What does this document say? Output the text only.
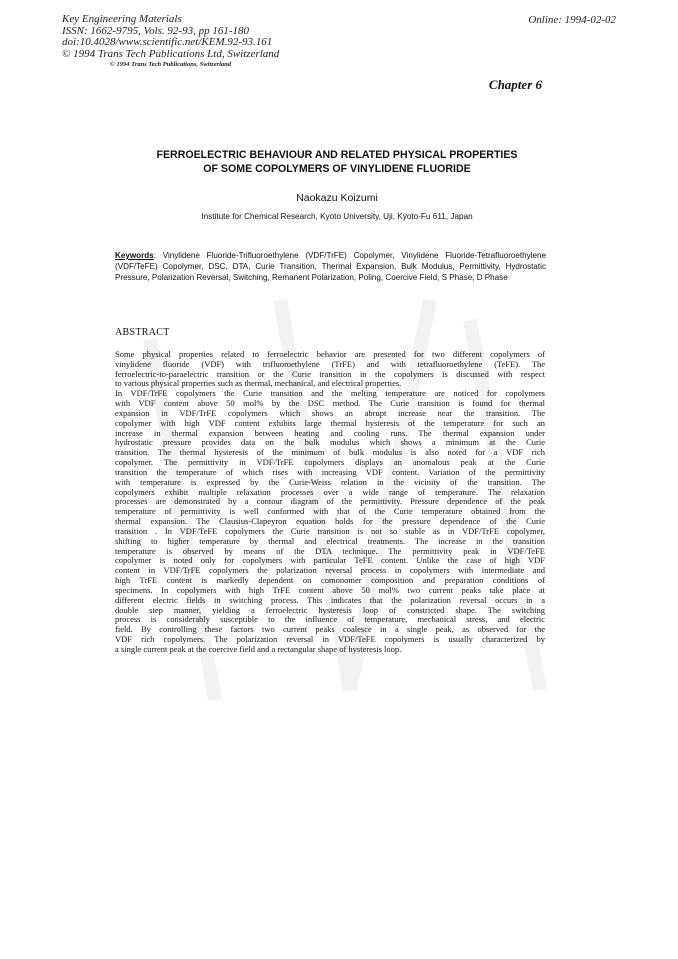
Key Engineering Materials
ISSN: 1662-9795, Vols. 92-93, pp 161-180
doi:10.4028/www.scientific.net/KEM.92-93.161
© 1994 Trans Tech Publications Ltd, Switzerland
© 1994 Trans Tech Publications, Switzerland
Online: 1994-02-02
Chapter 6
FERROELECTRIC BEHAVIOUR AND RELATED PHYSICAL PROPERTIES
OF SOME COPOLYMERS OF VINYLIDENE FLUORIDE
Naokazu Koizumi
Institute for Chemical Research, Kyoto University, Uji, Kyoto-Fu 611, Japan
Keywords: Vinylidene Fluoride-Trifluoroethylene (VDF/TrFE) Copolymer, Vinylidene Fluoride-Tetrafluoroethylene (VDF/TeFE) Copolymer, DSC, DTA, Curie Transition, Thermal Expansion, Bulk Modulus, Permittivity, Hydrostatic Pressure, Polarization Reversal, Switching, Remanent Polarization, Poling, Coercive Field, S Phase, D Phase
ABSTRACT
Some physical properties related to ferroelectric behavior are presented for two different copolymers of
vinylidene fluoride (VDF) with trifluoroethylene (TrFE) and with tetrafluoroethylene (TeFE). The
ferroelectric-to-paraelectric transition or the Curie transition in the copolymers is discussed with respect
to various physical properties such as thermal, mechanical, and electrical properties.
In VDF/TrFE copolymers the Curie transition and the melting temperature are noticed for copolymers
with VDF content above 50 mol% by the DSC method. The Curie transition is found for thermal
expansion in VDF/TrFE copolymers which shows an abrupt increase near the transition. The
copolymer with high VDF content exhibits large thermal hysteresis of the temperature for such an
increase in thermal expansion between heating and cooling runs. The thermal expansion under
hydrostatic pressure provides data on the bulk modulus which shows a minimum at the Curie
transition. The thermal hysteresis of the minimum of bulk modulus is also noted for a VDF rich
copolymer. The permittivity in VDF/TrFE copolymers displays an anomalous peak at the Curie
transition the temperature of which rises with increasing VDF content. Variation of the permittivity
with temperature is expressed by the Curie-Weiss relation in the vicinity of the transition. The
copolymers exhibit multiple relaxation processes over a wide range of temperature. The relaxation
processes are demonstrated by a contour diagram of the permittivity. Pressure dependence of the peak
temperature of permittivity is well conformed with that of the Curie temperature obtained from the
thermal expansion. The Clausius-Clapeyron equation holds for the pressure dependence of the Curie
transition . In VDF/TeFE copolymers the Curie transition is not so stable as in VDF/TrFE copolymer,
shifting to higher temperature by thermal and electrical treatments. The increase in the transition
temperature is observed by means of the DTA technique. The permittivity peak in VDF/TeFE
copolymer is noted only for copolymers with particular TeFE content. Unlike the case of high VDF
content in VDF/TrFE copolymers the polarization reversal process in copolymers with intermediate and
high TrFE content is markedly dependent on comonomer composition and preparation conditions of
specimens. In copolymers with high TrFE content above 50 mol% two current peaks take place at
different electric fields in switching process. This indicates that the polarization reversal occurs in a
double step manner, yielding a ferroelectric hysteresis loop of constricted shape. The switching
process is considerably susceptible to the influence of temperature, mechanical stress, and electric
field. By controlling these factors two current peaks coalesce in a single peak, as observed for the
VDF rich copolymers. The polarization reversal in VDF/TeFE copolymers is usually characterized by
a single current peak at the coercive field and a rectangular shape of hysteresis loop.
